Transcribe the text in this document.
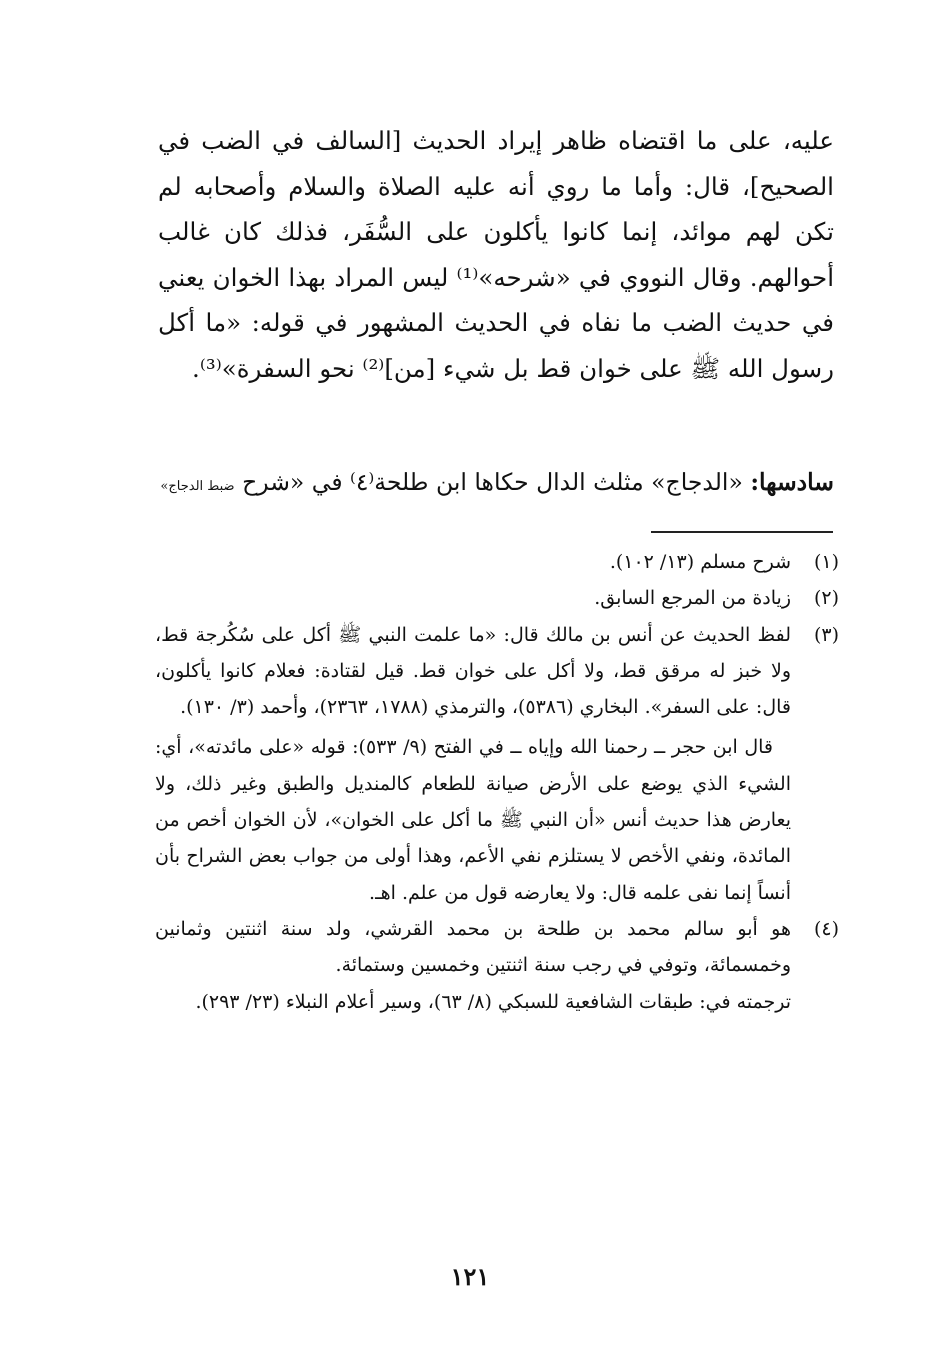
عليه، على ما اقتضاه ظاهر إيراد الحديث [السالف في الضب في الصحيح]، قال: وأما ما روي أنه عليه الصلاة والسلام وأصحابه لم تكن لهم موائد، إنما كانوا يأكلون على السُّفَر، فذلك كان غالب أحوالهم. وقال النووي في «شرحه»⁽¹⁾ ليس المراد بهذا الخوان يعني في حديث الضب ما نفاه في الحديث المشهور في قوله: «ما أكل رسول الله ﷺ على خوان قط بل شيء [من]⁽²⁾ نحو السفرة»⁽³⁾.

سادسها: «الدجاج» مثلث الدال حكاها ابن طلحة⁽٤⁾ في «شرح ضبط الدجاج»

(١)
شرح مسلم (١٣/ ١٠٢).

(٢)
زيادة من المرجع السابق.

(٣)
لفظ الحديث عن أنس بن مالك قال: «ما علمت النبي ﷺ أكل على سُكُرجة قط، ولا خبز له مرقق قط، ولا أكل على خوان قط. قيل لقتادة: فعلام كانوا يأكلون، قال: على السفر». البخاري (٥٣٨٦)، والترمذي (١٧٨٨، ٢٣٦٣)، وأحمد (٣/ ١٣٠).

قال ابن حجر ــ رحمنا الله وإياه ــ في الفتح (٩/ ٥٣٣): قوله «على مائدته»، أي: الشيء الذي يوضع على الأرض صيانة للطعام كالمنديل والطبق وغير ذلك، ولا يعارض هذا حديث أنس «أن النبي ﷺ ما أكل على الخوان»، لأن الخوان أخص من المائدة، ونفي الأخص لا يستلزم نفي الأعم، وهذا أولى من جواب بعض الشراح بأن أنساً إنما نفى علمه قال: ولا يعارضه قول من علم. اهـ.

(٤)
هو أبو سالم محمد بن طلحة بن محمد القرشي، ولد سنة اثنتين وثمانين وخمسمائة، وتوفي في رجب سنة اثنتين وخمسين وستمائة.

ترجمته في: طبقات الشافعية للسبكي (٨/ ٦٣)، وسير أعلام النبلاء (٢٣/ ٢٩٣).

١٢١
